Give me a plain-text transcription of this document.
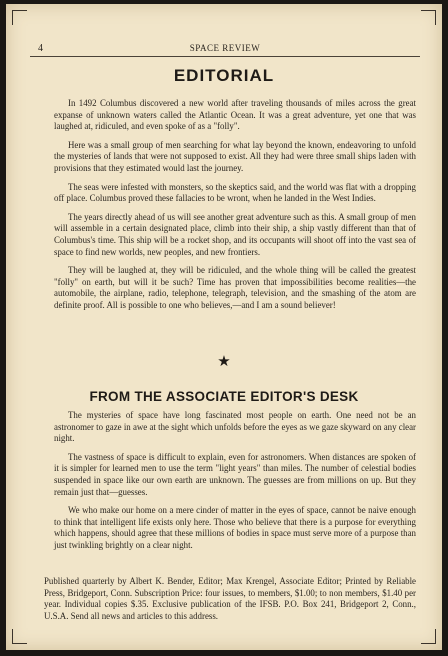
4	SPACE REVIEW
EDITORIAL

In 1492 Columbus discovered a new world after traveling thousands of miles across the great expanse of unknown waters called the Atlantic Ocean. It was a great adventure, yet one that was laughed at, ridiculed, and even spoke of as a "folly".

Here was a small group of men searching for what lay beyond the known, endeavoring to unfold the mysteries of lands that were not supposed to exist. All they had were three small ships laden with provisions that they estimated would last the journey.

The seas were infested with monsters, so the skeptics said, and the world was flat with a dropping off place. Columbus proved these fallacies to be wront, when he landed in the West Indies.

The years directly ahead of us will see another great adventure such as this. A small group of men will assemble in a certain designated place, climb into their ship, a ship vastly different than that of Columbus's time. This ship will be a rocket shop, and its occupants will shoot off into the vast sea of space to find new worlds, new peoples, and new frontiers.

They will be laughed at, they will be ridiculed, and the whole thing will be called the greatest "folly" on earth, but will it be such? Time has proven that impossibilities become realities—the automobile, the airplane, radio, telephone, telegraph, television, and the smashing of the atom are definite proof. All is possible to one who believes,—and I am a sound believer!

★
FROM THE ASSOCIATE EDITOR'S DESK

The mysteries of space have long fascinated most people on earth. One need not be an astronomer to gaze in awe at the sight which unfolds before the eyes as we gaze skyward on any clear night.

The vastness of space is difficult to explain, even for astronomers. When distances are spoken of it is simpler for learned men to use the term "light years" than miles. The number of celestial bodies suspended in space like our own earth are unknown. The guesses are from millions on up. But they remain just that—guesses.

We who make our home on a mere cinder of matter in the eyes of space, cannot be naive enough to think that intelligent life exists only here. Those who believe that there is a purpose for everything which happens, should agree that these millions of bodies in space must serve more of a purpose than just twinkling brightly on a clear night.

Published quarterly by Albert K. Bender, Editor; Max Krengel, Associate Editor; Printed by Reliable Press, Bridgeport, Conn. Subscription Price: four issues, to members, $1.00; to non members, $1.40 per year. Individual copies $.35. Exclusive publication of the IFSB. P.O. Box 241, Bridgeport 2, Conn., U.S.A. Send all news and articles to this address.
